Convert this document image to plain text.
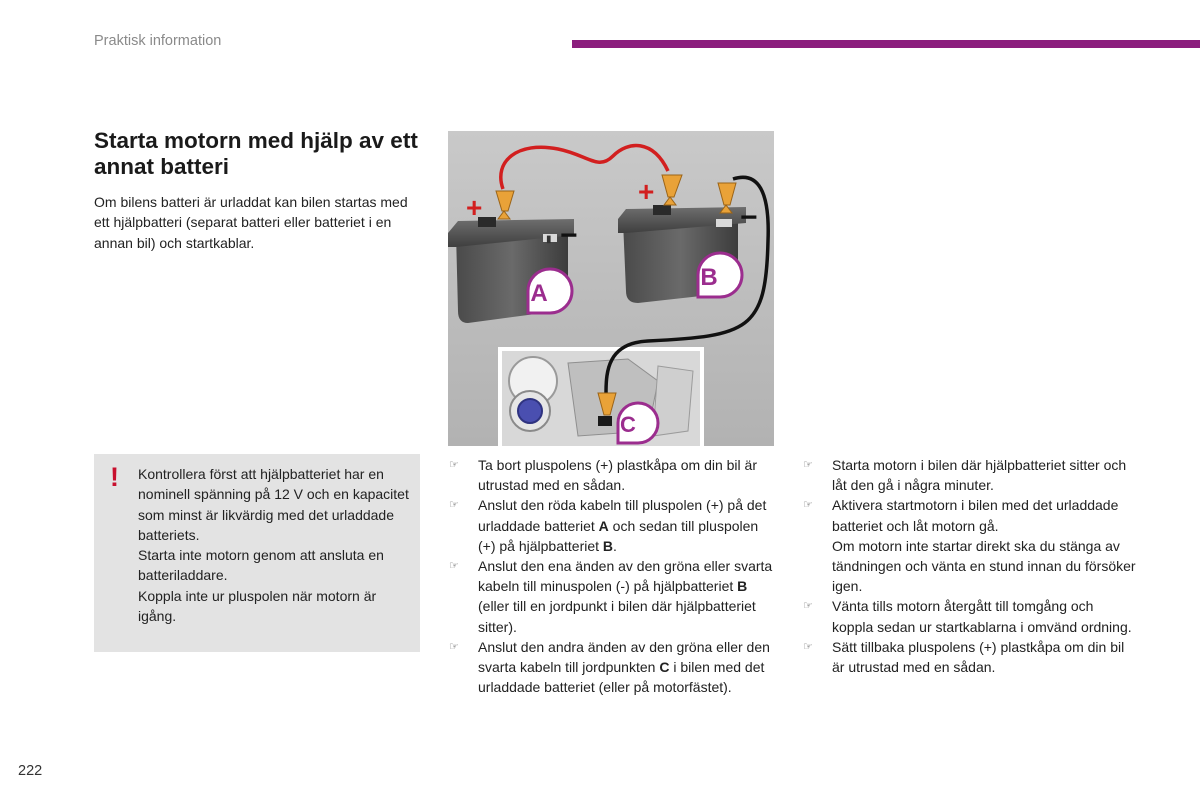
Praktisk information
Starta motorn med hjälp av ett annat batteri

Om bilens batteri är urladdat kan bilen startas med ett hjälpbatteri (separat batteri eller batteriet i en annan bil) och startkablar.

! Kontrollera först att hjälpbatteriet har en nominell spänning på 12 V och en kapacitet som minst är likvärdig med det urladdade batteriets.
Starta inte motorn genom att ansluta en batteriladdare.
Koppla inte ur pluspolen när motorn är igång.

▮
+
−
+
−
A
B
C
☞ Ta bort pluspolens (+) plastkåpa om din bil är utrustad med en sådan.
☞ Anslut den röda kabeln till pluspolen (+) på det urladdade batteriet A och sedan till pluspolen (+) på hjälpbatteriet B.
☞ Anslut den ena änden av den gröna eller svarta kabeln till minuspolen (-) på hjälpbatteriet B (eller till en jordpunkt i bilen där hjälpbatteriet sitter).
☞ Anslut den andra änden av den gröna eller den svarta kabeln till jordpunkten C i bilen med det urladdade batteriet (eller på motorfästet).
☞ Starta motorn i bilen där hjälpbatteriet sitter och låt den gå i några minuter.
☞ Aktivera startmotorn i bilen med det urladdade batteriet och låt motorn gå.
Om motorn inte startar direkt ska du stänga av tändningen och vänta en stund innan du försöker igen.
☞ Vänta tills motorn återgått till tomgång och koppla sedan ur startkablarna i omvänd ordning.
☞ Sätt tillbaka pluspolens (+) plastkåpa om din bil är utrustad med en sådan.
222
